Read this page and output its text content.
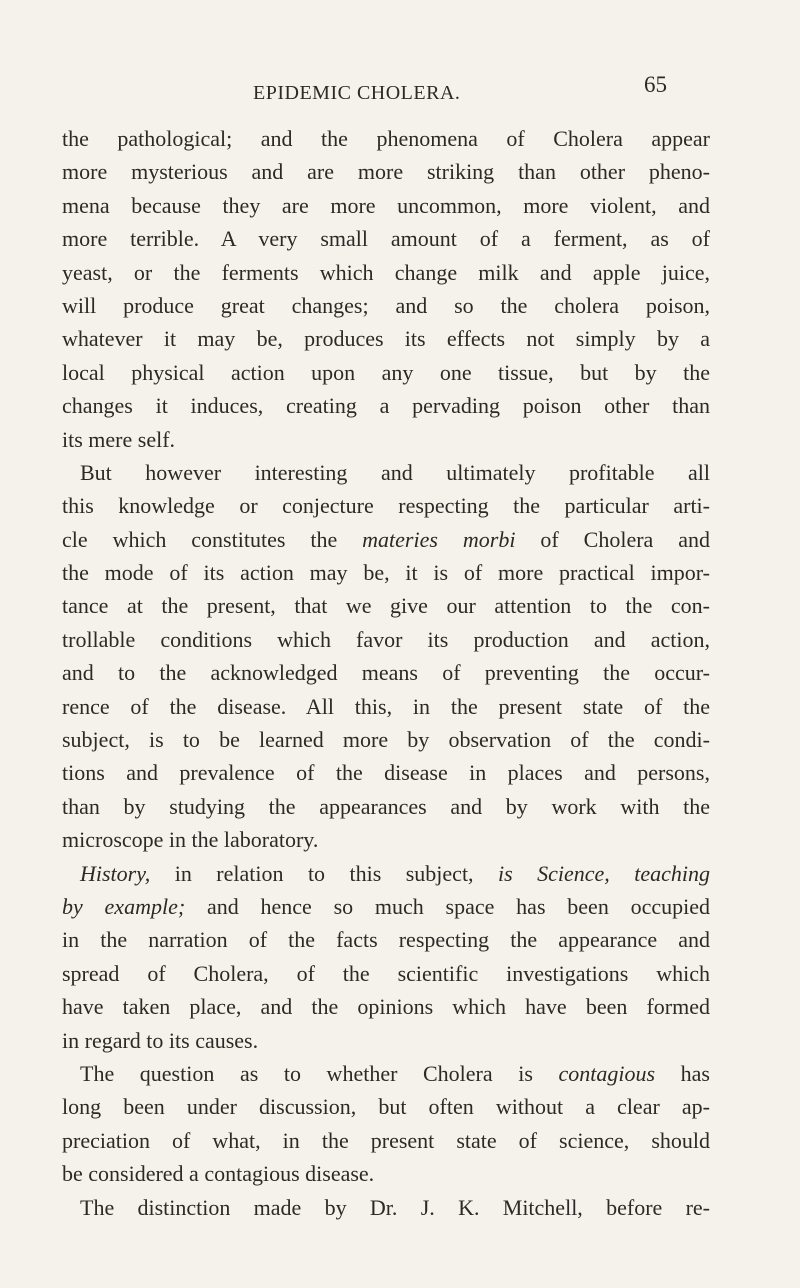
EPIDEMIC CHOLERA.	65
the pathological; and the phenomena of Cholera appear
more mysterious and are more striking than other pheno-
mena because they are more uncommon, more violent, and
more terrible. A very small amount of a ferment, as of
yeast, or the ferments which change milk and apple juice,
will produce great changes; and so the cholera poison,
whatever it may be, produces its effects not simply by a
local physical action upon any one tissue, but by the
changes it induces, creating a pervading poison other than
its mere self.
But however interesting and ultimately profitable all
this knowledge or conjecture respecting the particular arti-
cle which constitutes the materies morbi of Cholera and
the mode of its action may be, it is of more practical impor-
tance at the present, that we give our attention to the con-
trollable conditions which favor its production and action,
and to the acknowledged means of preventing the occur-
rence of the disease. All this, in the present state of the
subject, is to be learned more by observation of the condi-
tions and prevalence of the disease in places and persons,
than by studying the appearances and by work with the
microscope in the laboratory.
History, in relation to this subject, is Science, teaching
by example; and hence so much space has been occupied
in the narration of the facts respecting the appearance and
spread of Cholera, of the scientific investigations which
have taken place, and the opinions which have been formed
in regard to its causes.
The question as to whether Cholera is contagious has
long been under discussion, but often without a clear ap-
preciation of what, in the present state of science, should
be considered a contagious disease.
The distinction made by Dr. J. K. Mitchell, before re-
